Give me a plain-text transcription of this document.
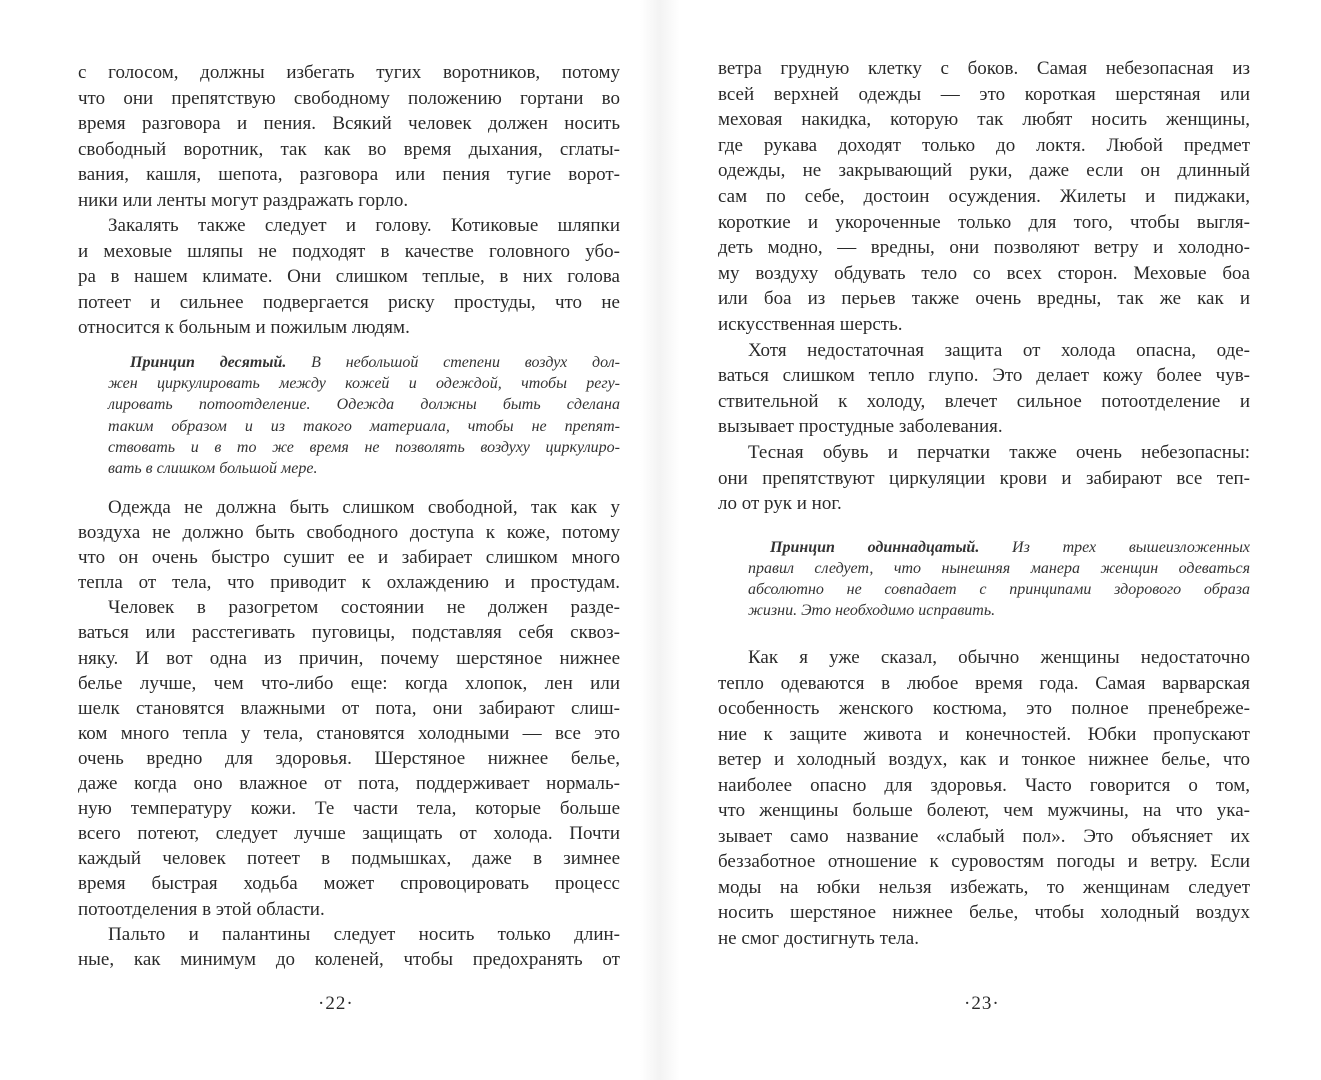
с голосом, должны избегать тугих воротников, потому
что они препятствую свободному положению гортани во
время разговора и пения. Всякий человек должен носить
свободный воротник, так как во время дыхания, сглаты-
вания, кашля, шепота, разговора или пения тугие ворот-
ники или ленты могут раздражать горло.
Закалять также следует и голову. Котиковые шляпки
и меховые шляпы не подходят в качестве головного убо-
ра в нашем климате. Они слишком теплые, в них голова
потеет и сильнее подвергается риску простуды, что не
относится к больным и пожилым людям.
Принцип десятый. В небольшой степени воздух дол-
жен циркулировать между кожей и одеждой, чтобы регу-
лировать потоотделение. Одежда должны быть сделана
таким образом и из такого материала, чтобы не препят-
ствовать и в то же время не позволять воздуху циркулиро-
вать в слишком большой мере.
Одежда не должна быть слишком свободной, так как у
воздуха не должно быть свободного доступа к коже, потому
что он очень быстро сушит ее и забирает слишком много
тепла от тела, что приводит к охлаждению и простудам.
Человек в разогретом состоянии не должен разде-
ваться или расстегивать пуговицы, подставляя себя сквоз-
няку. И вот одна из причин, почему шерстяное нижнее
белье лучше, чем что-либо еще: когда хлопок, лен или
шелк становятся влажными от пота, они забирают слиш-
ком много тепла у тела, становятся холодными — все это
очень вредно для здоровья. Шерстяное нижнее белье,
даже когда оно влажное от пота, поддерживает нормаль-
ную температуру кожи. Те части тела, которые больше
всего потеют, следует лучше защищать от холода. Почти
каждый человек потеет в подмышках, даже в зимнее
время быстрая ходьба может спровоцировать процесс
потоотделения в этой области.
Пальто и палантины следует носить только длин-
ные, как минимум до коленей, чтобы предохранять от
·22·
ветра грудную клетку с боков. Самая небезопасная из
всей верхней одежды — это короткая шерстяная или
меховая накидка, которую так любят носить женщины,
где рукава доходят только до локтя. Любой предмет
одежды, не закрывающий руки, даже если он длинный
сам по себе, достоин осуждения. Жилеты и пиджаки,
короткие и укороченные только для того, чтобы выгля-
деть модно, — вредны, они позволяют ветру и холодно-
му воздуху обдувать тело со всех сторон. Меховые боа
или боа из перьев также очень вредны, так же как и
искусственная шерсть.
Хотя недостаточная защита от холода опасна, оде-
ваться слишком тепло глупо. Это делает кожу более чув-
ствительной к холоду, влечет сильное потоотделение и
вызывает простудные заболевания.
Тесная обувь и перчатки также очень небезопасны:
они препятствуют циркуляции крови и забирают все теп-
ло от рук и ног.
Принцип одиннадцатый. Из трех вышеизложенных
правил следует, что нынешняя манера женщин одеваться
абсолютно не совпадает с принципами здорового образа
жизни. Это необходимо исправить.
Как я уже сказал, обычно женщины недостаточно
тепло одеваются в любое время года. Самая варварская
особенность женского костюма, это полное пренебреже-
ние к защите живота и конечностей. Юбки пропускают
ветер и холодный воздух, как и тонкое нижнее белье, что
наиболее опасно для здоровья. Часто говорится о том,
что женщины больше болеют, чем мужчины, на что ука-
зывает само название «слабый пол». Это объясняет их
беззаботное отношение к суровостям погоды и ветру. Если
моды на юбки нельзя избежать, то женщинам следует
носить шерстяное нижнее белье, чтобы холодный воздух
не смог достигнуть тела.
·23·
